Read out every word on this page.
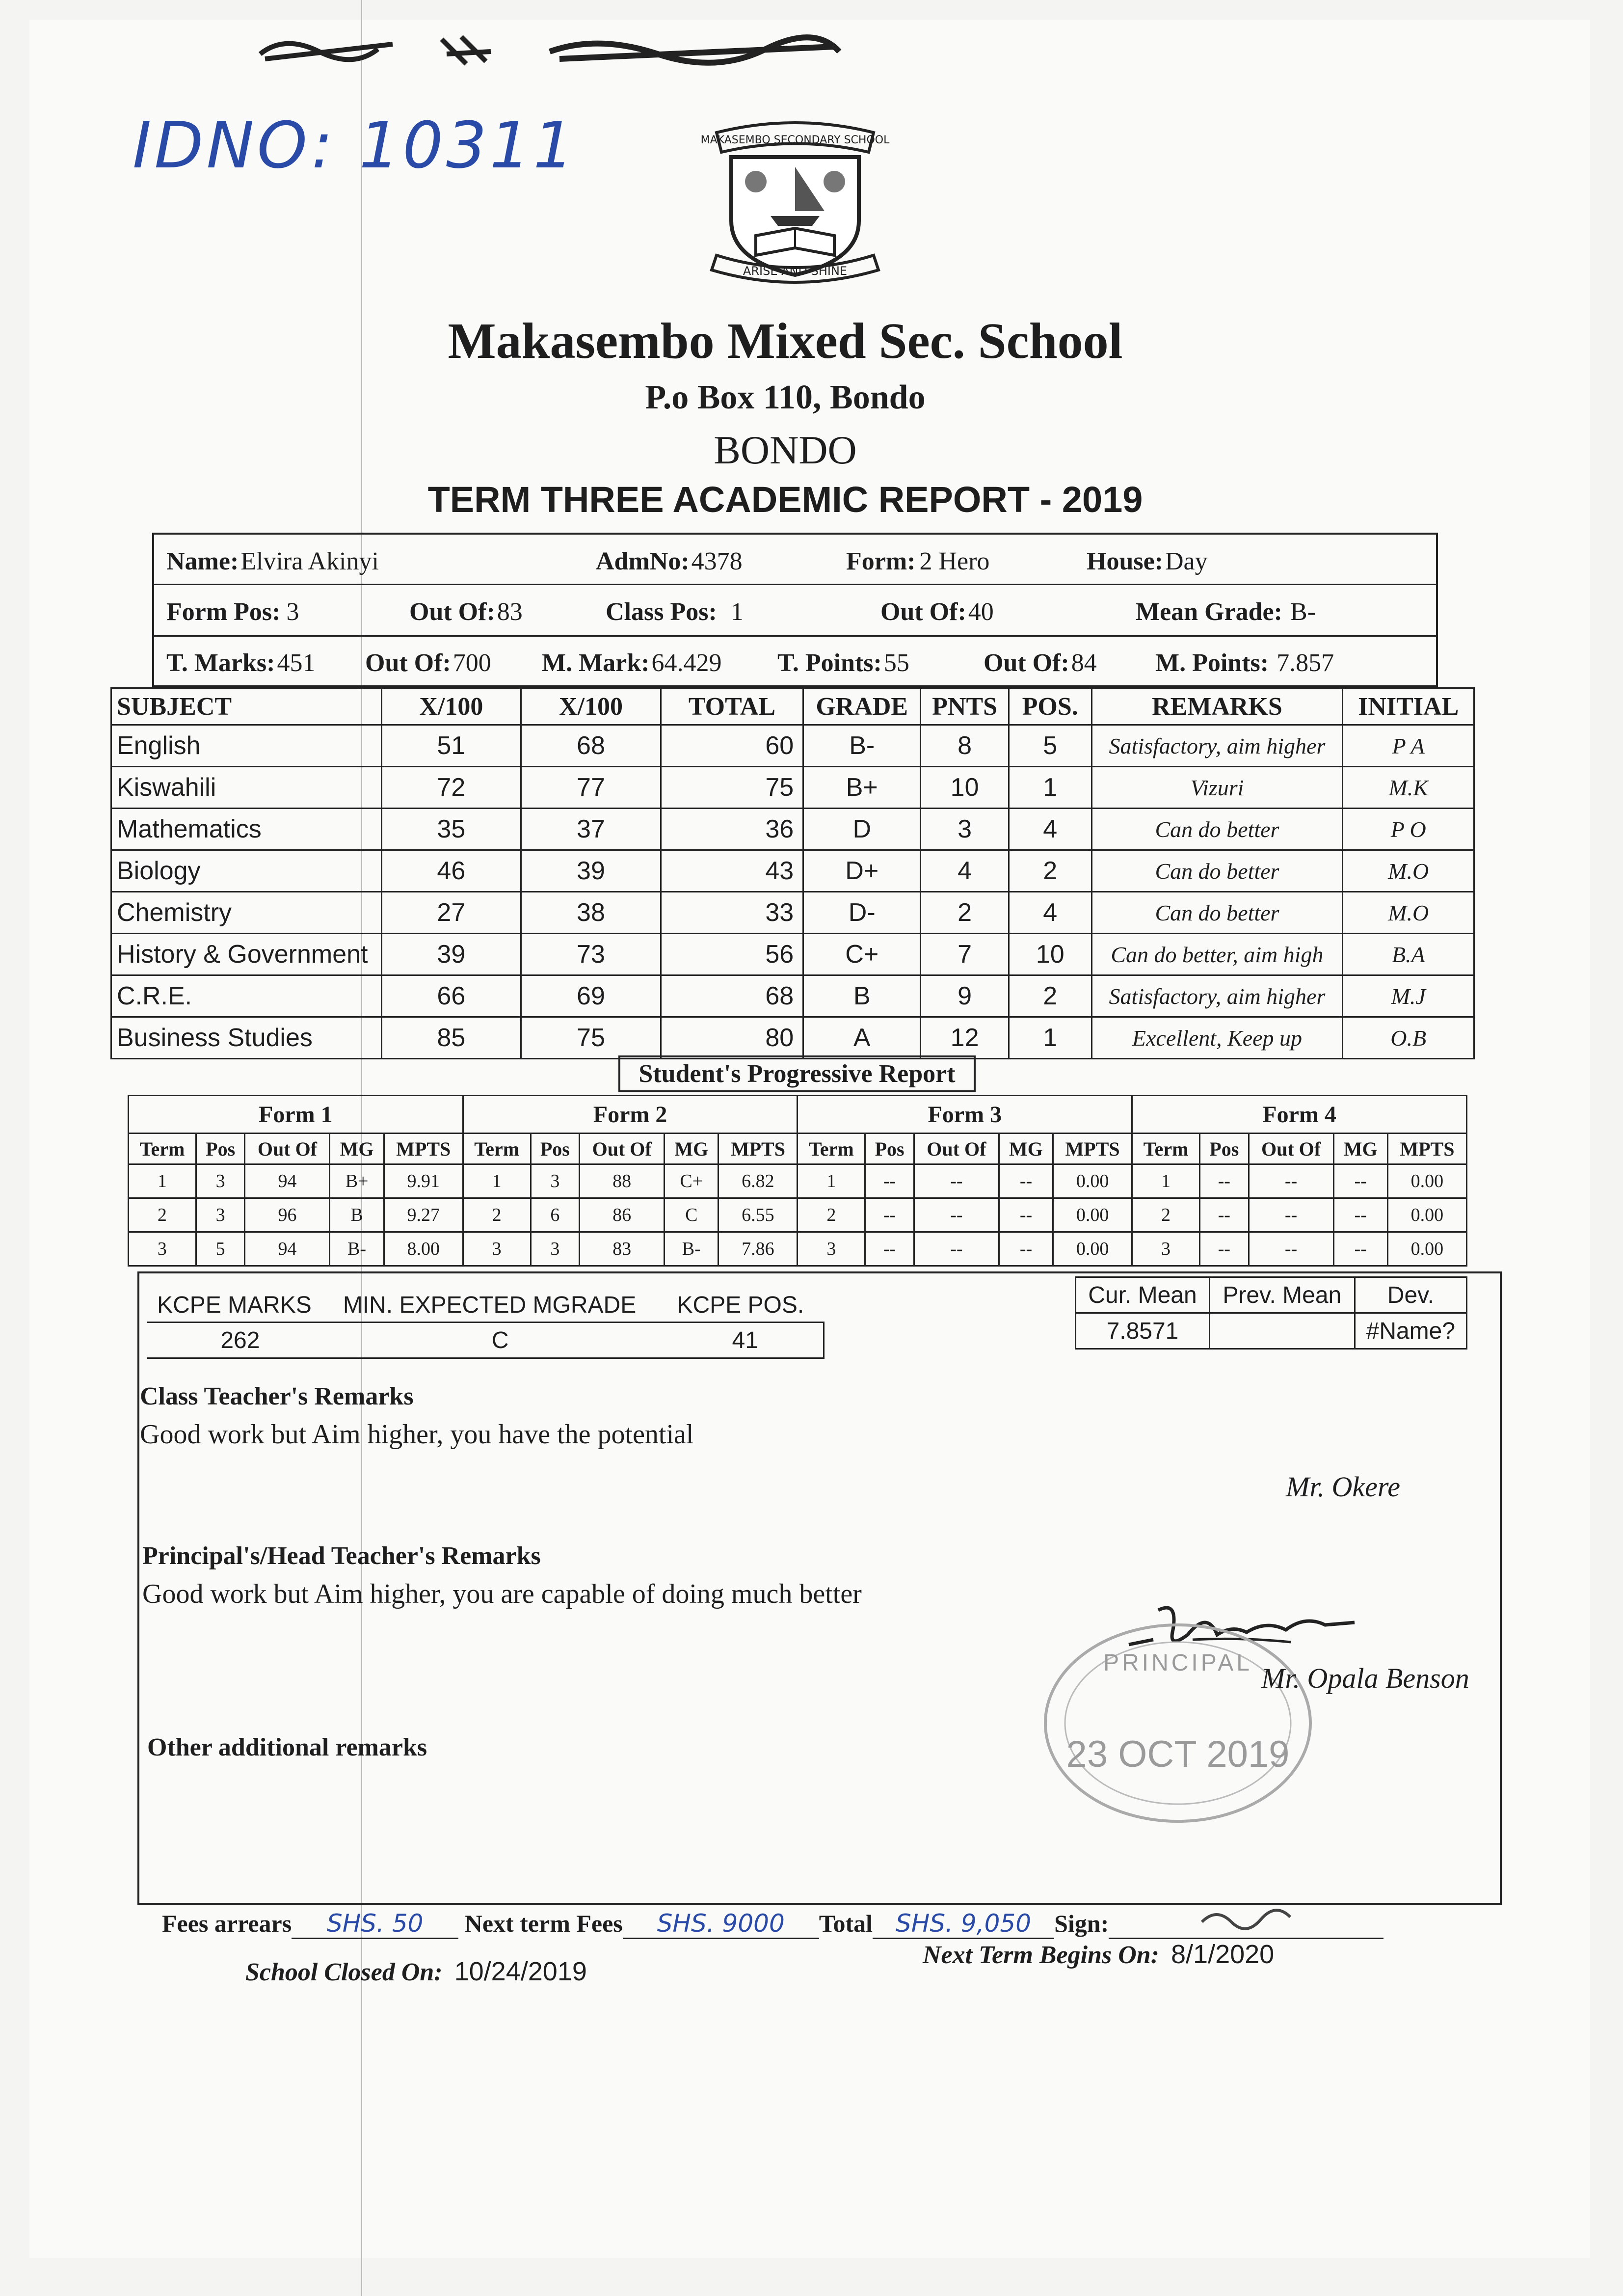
IDNO: 10311	MAKASEMBO SECONDARY SCHOOL
ARISE AND SHINE
Makasembo Mixed Sec. School
P.o Box 110, Bondo
BONDO
TERM THREE ACADEMIC REPORT - 2019
Name: Elvira Akinyi	AdmNo: 4378	Form: 2 Hero	House: Day
Form Pos: 3	Out Of: 83	Class Pos: 1	Out Of: 40	Mean Grade: B-
T. Marks: 451 Out Of: 700 M. Mark: 64.429 T. Points: 55	Out Of: 84 M. Points: 7.857
SUBJECT	X/100	X/100	TOTAL	GRADE	PNTS	POS.	REMARKS	INITIAL
English	51	68	60	B-	8	5	Satisfactory, aim higher	P A
Kiswahili	72	77	75	B+	10	1	Vizuri	M.K
Mathematics	35	37	36	D	3	4	Can do better	P O
Biology	46	39	43	D+	4	2	Can do better	M.O
Chemistry	27	38	33	D-	2	4	Can do better	M.O
History & Government	39	73	56	C+	7	10	Can do better, aim high	B.A
C.R.E.	66	69	68	B	9	2	Satisfactory, aim higher	M.J
Business Studies	85	75	80	A	12	1	Excellent, Keep up	O.B
Student's Progressive Report
Form 1					Form 2					Form 3					Form 4				
Term	Pos	Out Of	MG	MPTS	Term	Pos	Out Of	MG	MPTS	Term	Pos	Out Of	MG	MPTS	Term	Pos	Out Of	MG	MPTS
1	3	94	B+	9.91	1	3	88	C+	6.82	1	--	--	--	0.00	1	--	--	--	0.00
2	3	96	B	9.27	2	6	86	C	6.55	2	--	--	--	0.00	2	--	--	--	0.00
3	5	94	B-	8.00	3	3	83	B-	7.86	3	--	--	--	0.00	3	--	--	--	0.00
KCPE MARKS	MIN. EXPECTED MGRADE	KCPE POS.
262	C	41
Cur. Mean	Prev. Mean	Dev.
7.8571		#Name?
Class Teacher's Remarks
Good work but Aim higher, you have the potential
Mr. Okere
Principal's/Head Teacher's Remarks
Good work but Aim higher, you are capable of doing much better
PRINCIPAL
23 OCT 2019
Mr. Opala Benson
Other additional remarks
Fees arrears SHS. 50 Next term Fees SHS. 9000 Total SHS. 9,050 Sign:
School Closed On: 10/24/2019
Next Term Begins On: 8/1/2020
